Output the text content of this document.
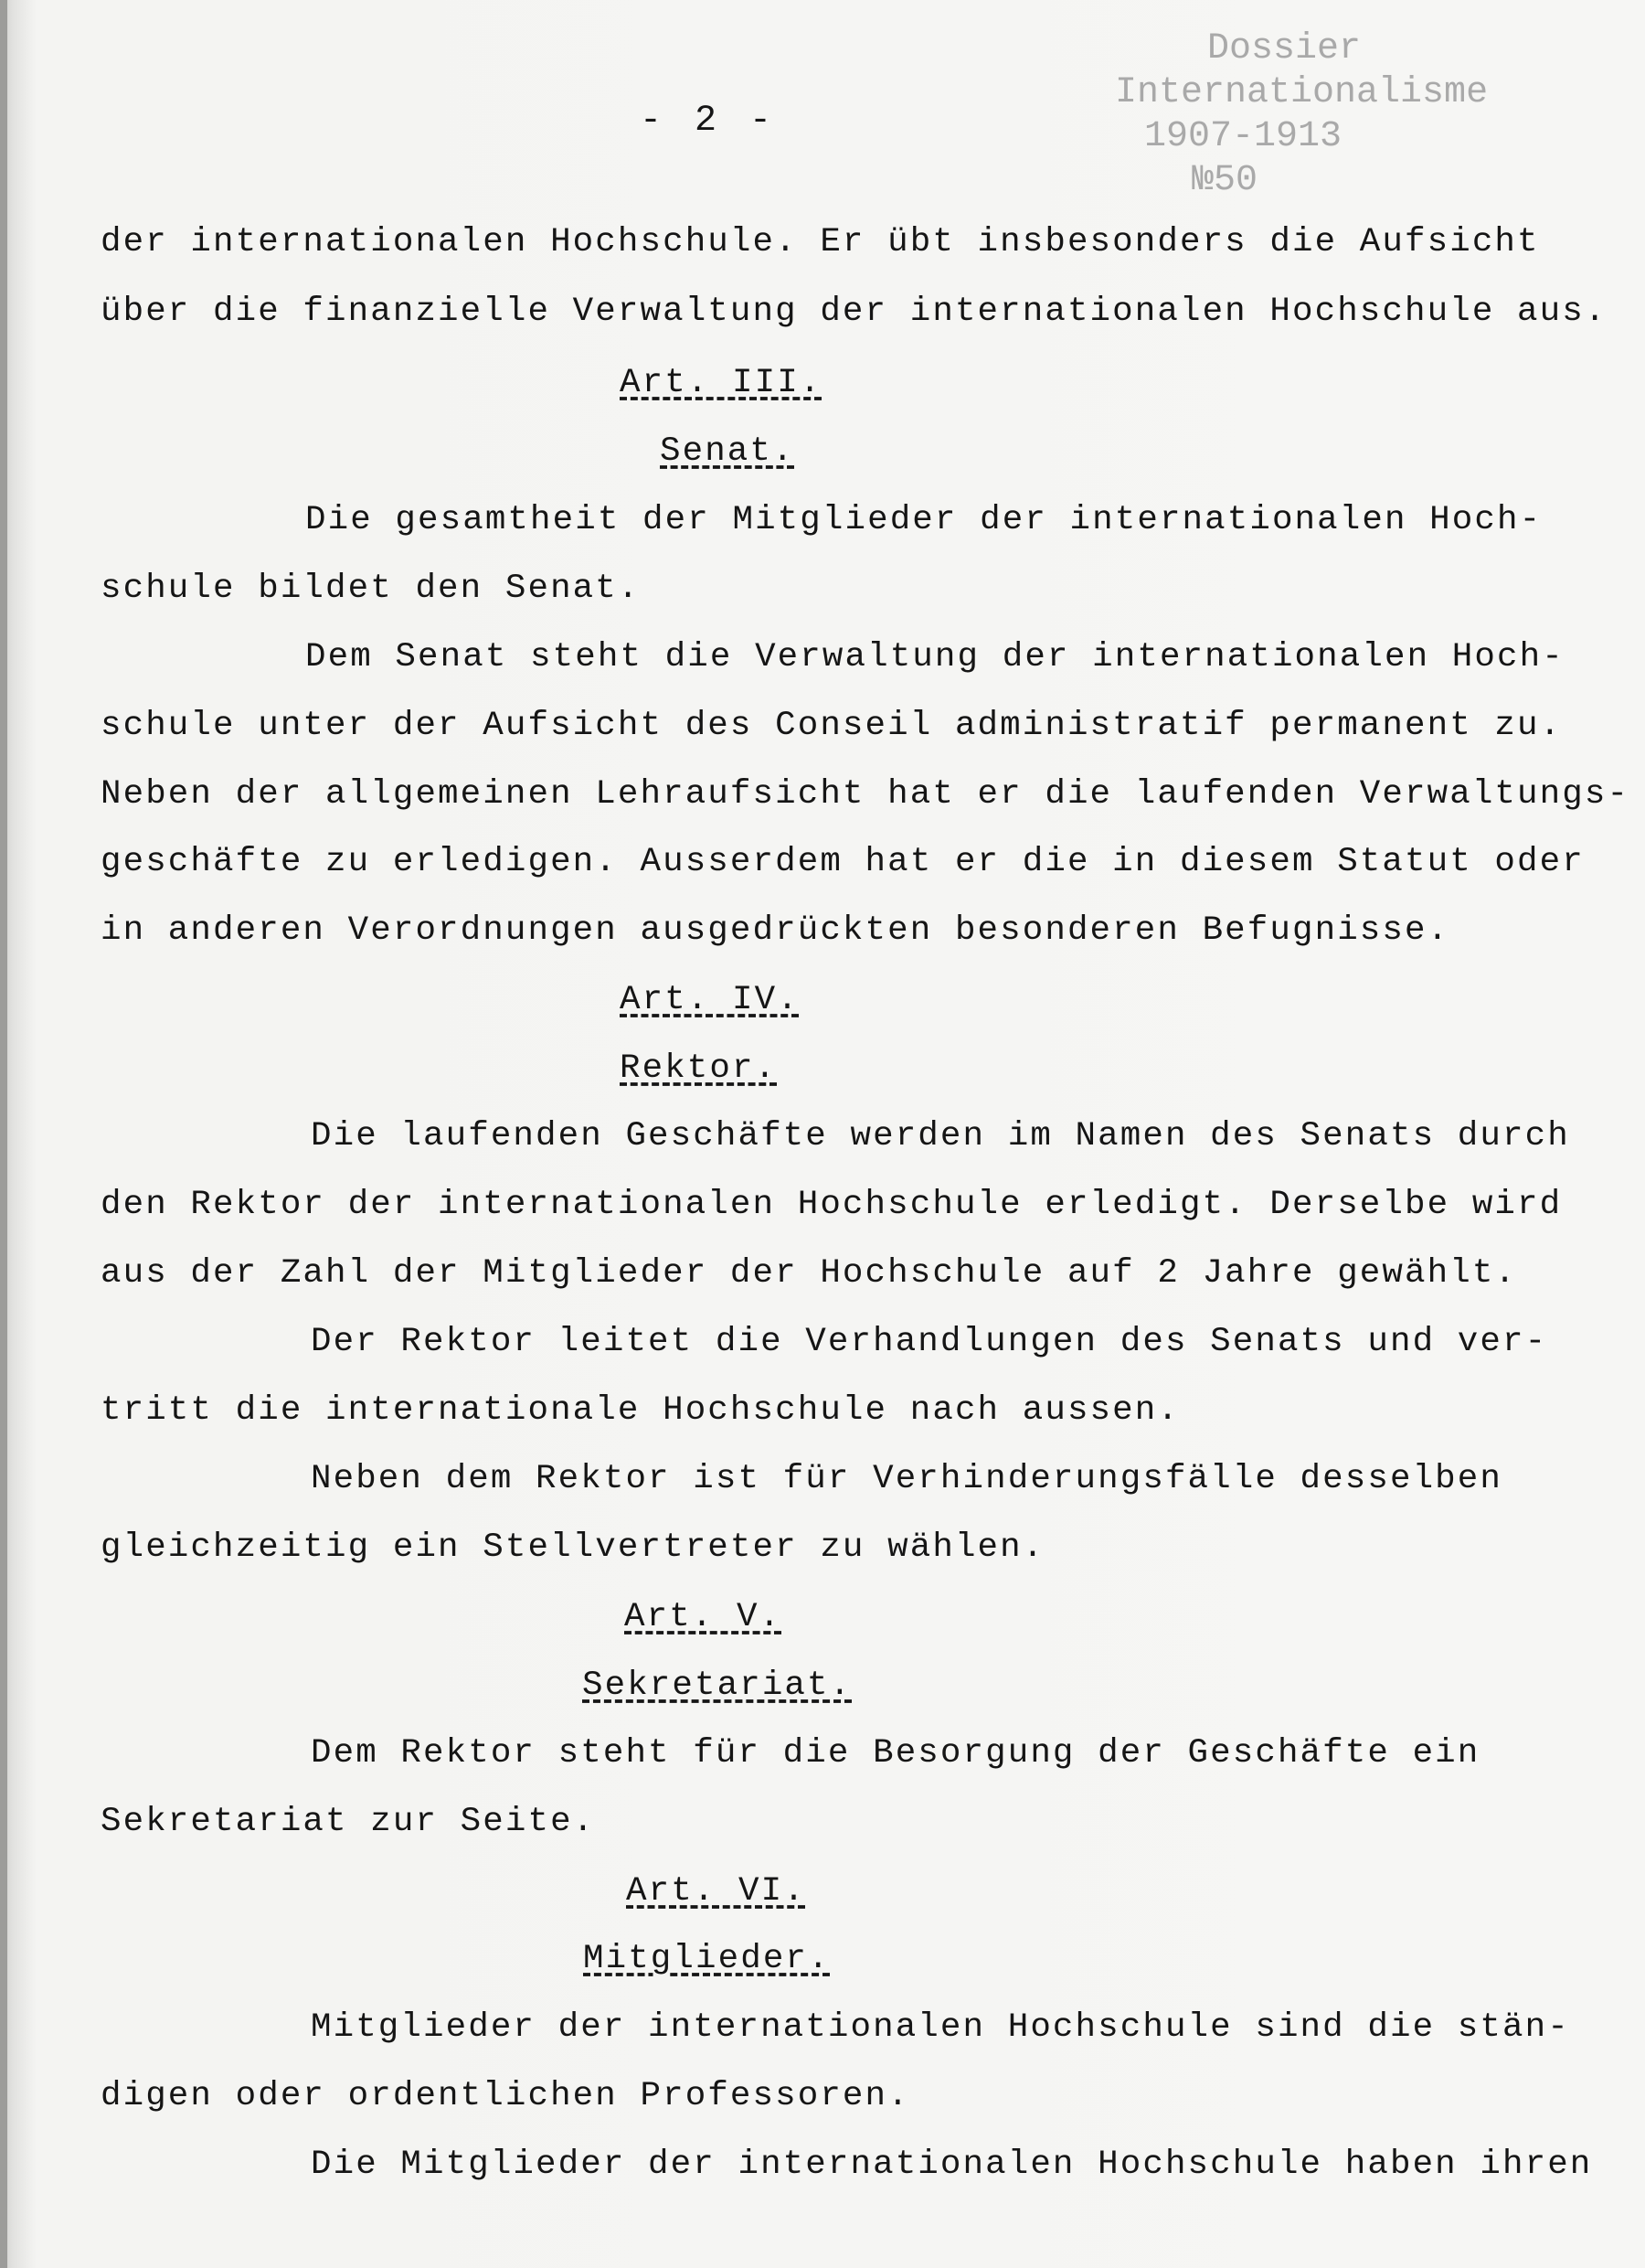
Dossier
Internationalisme
1907-1913
№50
- 2 -
der internationalen Hochschule. Er übt insbesonders die Aufsicht
über die finanzielle Verwaltung der internationalen Hochschule aus.
Art. III.
Senat.
Die gesamtheit der Mitglieder der internationalen Hoch-
schule bildet den Senat.
Dem Senat steht die Verwaltung der internationalen Hoch-
schule unter der Aufsicht des Conseil administratif permanent zu.
Neben der allgemeinen Lehraufsicht hat er die laufenden Verwaltungs-
geschäfte zu erledigen. Ausserdem hat er die in diesem Statut oder
in anderen Verordnungen ausgedrückten besonderen Befugnisse.
Art. IV.
Rektor.
Die laufenden Geschäfte werden im Namen des Senats durch
den Rektor der internationalen Hochschule erledigt. Derselbe wird
aus der Zahl der Mitglieder der Hochschule auf 2 Jahre gewählt.
Der Rektor leitet die Verhandlungen des Senats und ver-
tritt die internationale Hochschule nach aussen.
Neben dem Rektor ist für Verhinderungsfälle desselben
gleichzeitig ein Stellvertreter zu wählen.
Art. V.
Sekretariat.
Dem Rektor steht für die Besorgung der Geschäfte ein
Sekretariat zur Seite.
Art. VI.
Mitglieder.
Mitglieder der internationalen Hochschule sind die stän-
digen oder ordentlichen Professoren.
Die Mitglieder der internationalen Hochschule haben ihren
